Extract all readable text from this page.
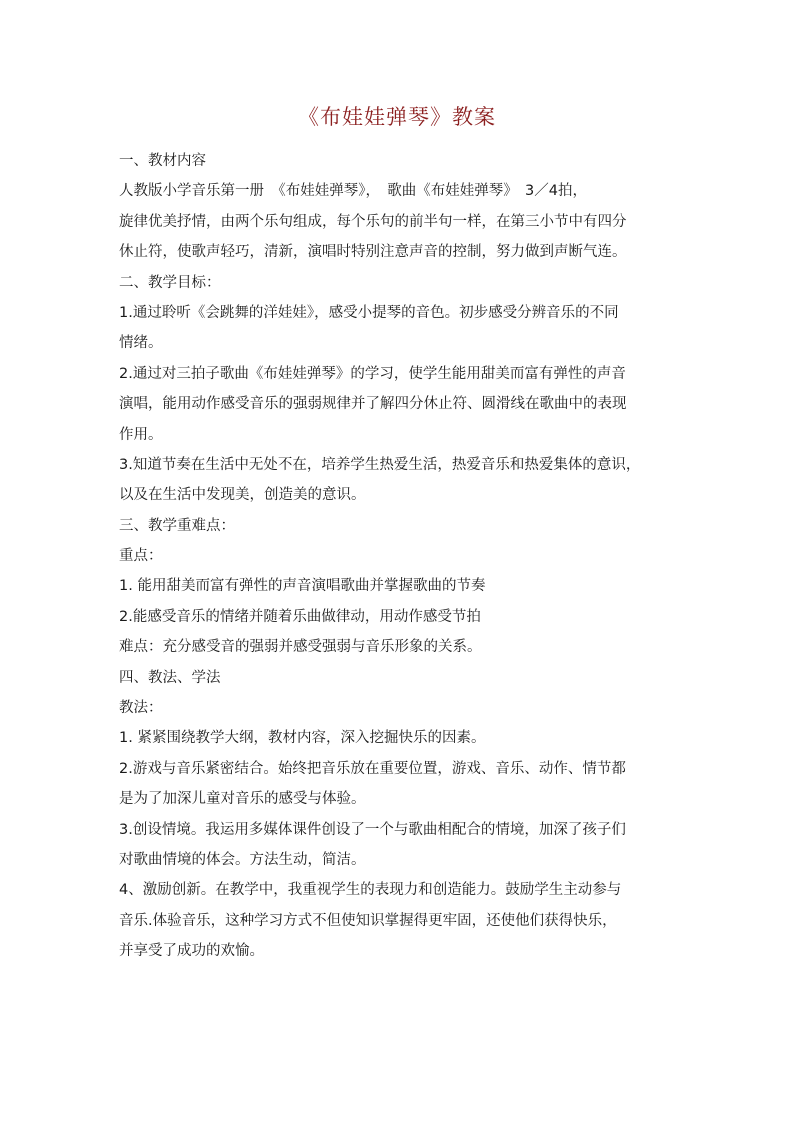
《布娃娃弹琴》教案
一、教材内容
人教版小学音乐第一册　《布娃娃弹琴》，　歌曲《布娃娃弹琴》　3／4拍，
旋律优美抒情，由两个乐句组成，每个乐句的前半句一样，在第三小节中有四分
休止符，使歌声轻巧，清新，演唱时特别注意声音的控制，努力做到声断气连。
二、教学目标：
1.通过聆听《会跳舞的洋娃娃》，感受小提琴的音色。初步感受分辨音乐的不同
情绪。
2.通过对三拍子歌曲《布娃娃弹琴》的学习，使学生能用甜美而富有弹性的声音
演唱，能用动作感受音乐的强弱规律并了解四分休止符、圆滑线在歌曲中的表现
作用。
3.知道节奏在生活中无处不在，培养学生热爱生活，热爱音乐和热爱集体的意识，
以及在生活中发现美，创造美的意识。
三、教学重难点：
重点：
1. 能用甜美而富有弹性的声音演唱歌曲并掌握歌曲的节奏
2.能感受音乐的情绪并随着乐曲做律动，用动作感受节拍
难点：充分感受音的强弱并感受强弱与音乐形象的关系。
四、教法、学法
教法：
1. 紧紧围绕教学大纲，教材内容，深入挖掘快乐的因素。
2.游戏与音乐紧密结合。始终把音乐放在重要位置，游戏、音乐、动作、情节都
是为了加深儿童对音乐的感受与体验。
3.创设情境。我运用多媒体课件创设了一个与歌曲相配合的情境，加深了孩子们
对歌曲情境的体会。方法生动，简洁。
4、激励创新。在教学中，我重视学生的表现力和创造能力。鼓励学生主动参与
音乐.体验音乐，这种学习方式不但使知识掌握得更牢固，还使他们获得快乐，
并享受了成功的欢愉。
